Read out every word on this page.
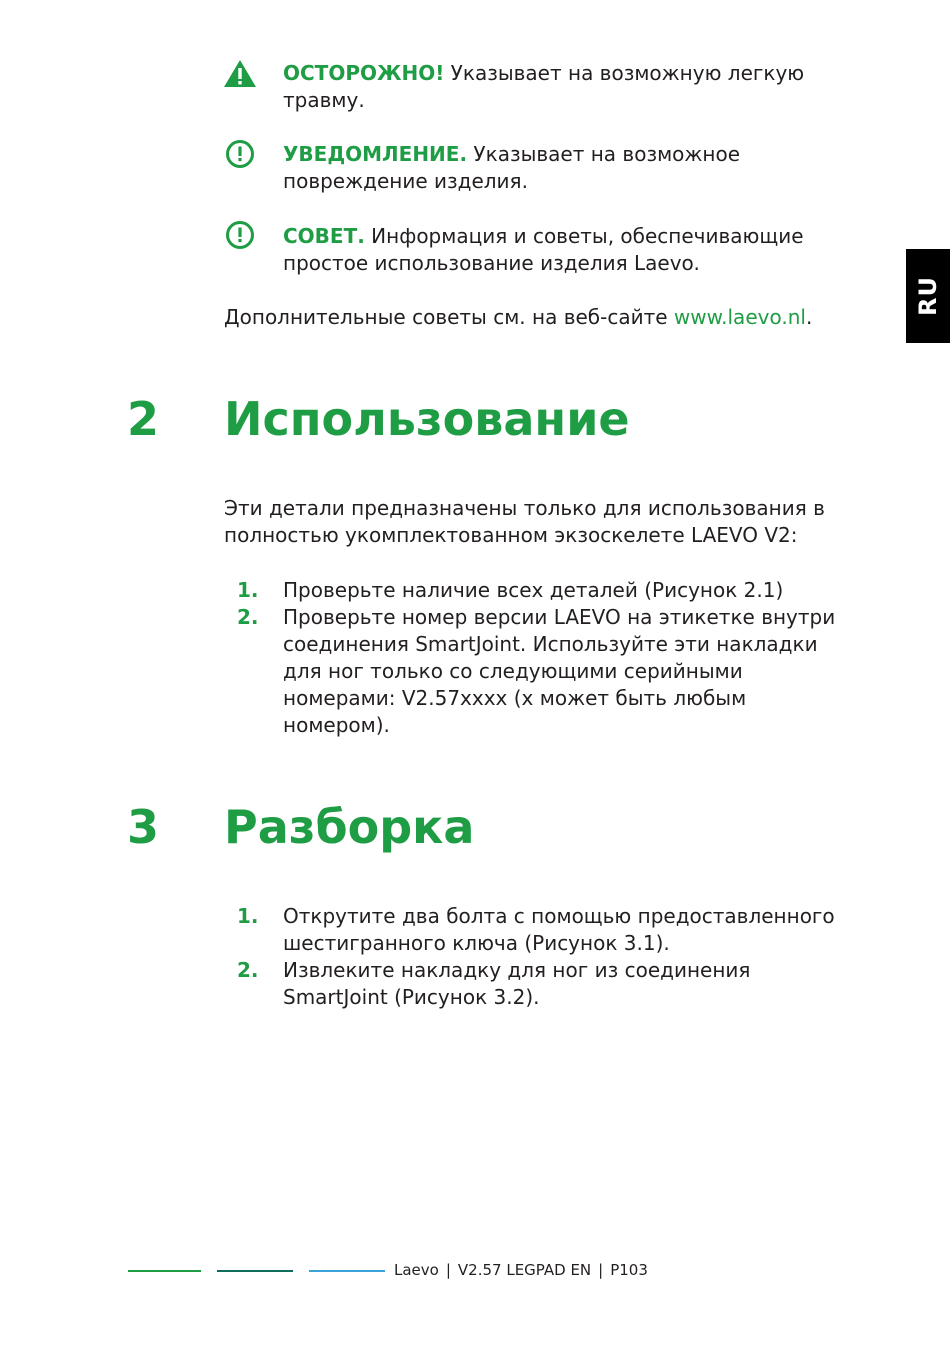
ОСТОРОЖНО! Указывает на возможную легкую травму.
УВЕДОМЛЕНИЕ. Указывает на возможное повреждение изделия.
СОВЕТ. Информация и советы, обеспечивающие простое использование изделия Laevo.
Дополнительные советы см. на веб-сайте www.laevo.nl.
RU
2 Использование
Эти детали предназначены только для использования в полностью укомплектованном экзоскелете LAEVO V2:
1. Проверьте наличие всех деталей (Рисунок 2.1)
2. Проверьте номер версии LAEVO на этикетке внутри соединения SmartJoint. Используйте эти накладки для ног только со следующими серийными номерами: V2.57xxxx (x может быть любым номером).
3 Разборка
1. Открутите два болта с помощью предоставленного шестигранного ключа (Рисунок 3.1).
2. Извлеките накладку для ног из соединения SmartJoint (Рисунок 3.2).
Laevo | V2.57 LEGPAD EN | P103
